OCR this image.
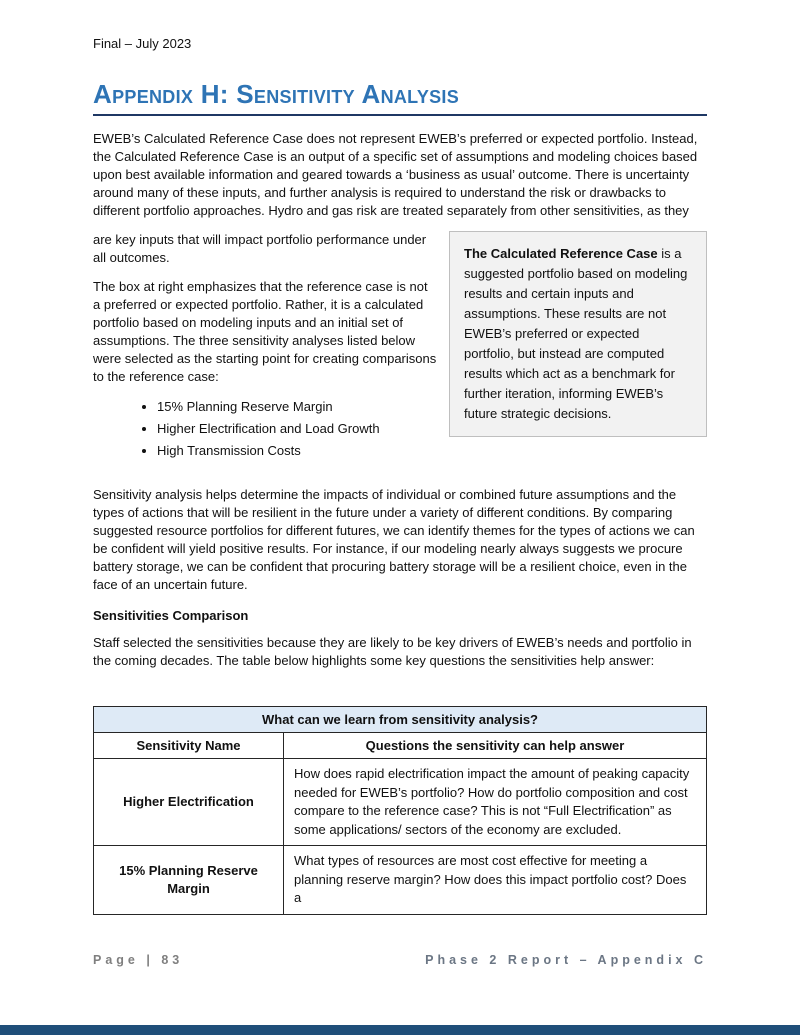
Final – July 2023
Appendix H: Sensitivity Analysis

EWEB’s Calculated Reference Case does not represent EWEB’s preferred or expected portfolio. Instead, the Calculated Reference Case is an output of a specific set of assumptions and modeling choices based upon best available information and geared towards a ‘business as usual’ outcome. There is uncertainty around many of these inputs, and further analysis is required to understand the risk or drawbacks to different portfolio approaches. Hydro and gas risk are treated separately from other sensitivities, as they

are key inputs that will impact portfolio performance under all outcomes.

The box at right emphasizes that the reference case is not a preferred or expected portfolio. Rather, it is a calculated portfolio based on modeling inputs and an initial set of assumptions. The three sensitivity analyses listed below were selected as the starting point for creating comparisons to the reference case:

• 15% Planning Reserve Margin
• Higher Electrification and Load Growth
• High Transmission Costs
The Calculated Reference Case is a suggested portfolio based on modeling results and certain inputs and assumptions. These results are not EWEB’s preferred or expected portfolio, but instead are computed results which act as a benchmark for further iteration, informing EWEB’s future strategic decisions.

Sensitivity analysis helps determine the impacts of individual or combined future assumptions and the types of actions that will be resilient in the future under a variety of different conditions. By comparing suggested resource portfolios for different futures, we can identify themes for the types of actions we can be confident will yield positive results. For instance, if our modeling nearly always suggests we procure battery storage, we can be confident that procuring battery storage will be a resilient choice, even in the face of an uncertain future.

Sensitivities Comparison

Staff selected the sensitivities because they are likely to be key drivers of EWEB’s needs and portfolio in the coming decades. The table below highlights some key questions the sensitivities help answer:

What can we learn from sensitivity analysis?	
Sensitivity Name	Questions the sensitivity can help answer
Higher Electrification	How does rapid electrification impact the amount of peaking capacity needed for EWEB’s portfolio? How do portfolio composition and cost compare to the reference case? This is not “Full Electrification” as some applications/ sectors of the economy are excluded.
15% Planning Reserve Margin	What types of resources are most cost effective for meeting a planning reserve margin? How does this impact portfolio cost? Does a
Page | 83	Phase 2 Report – Appendix C
